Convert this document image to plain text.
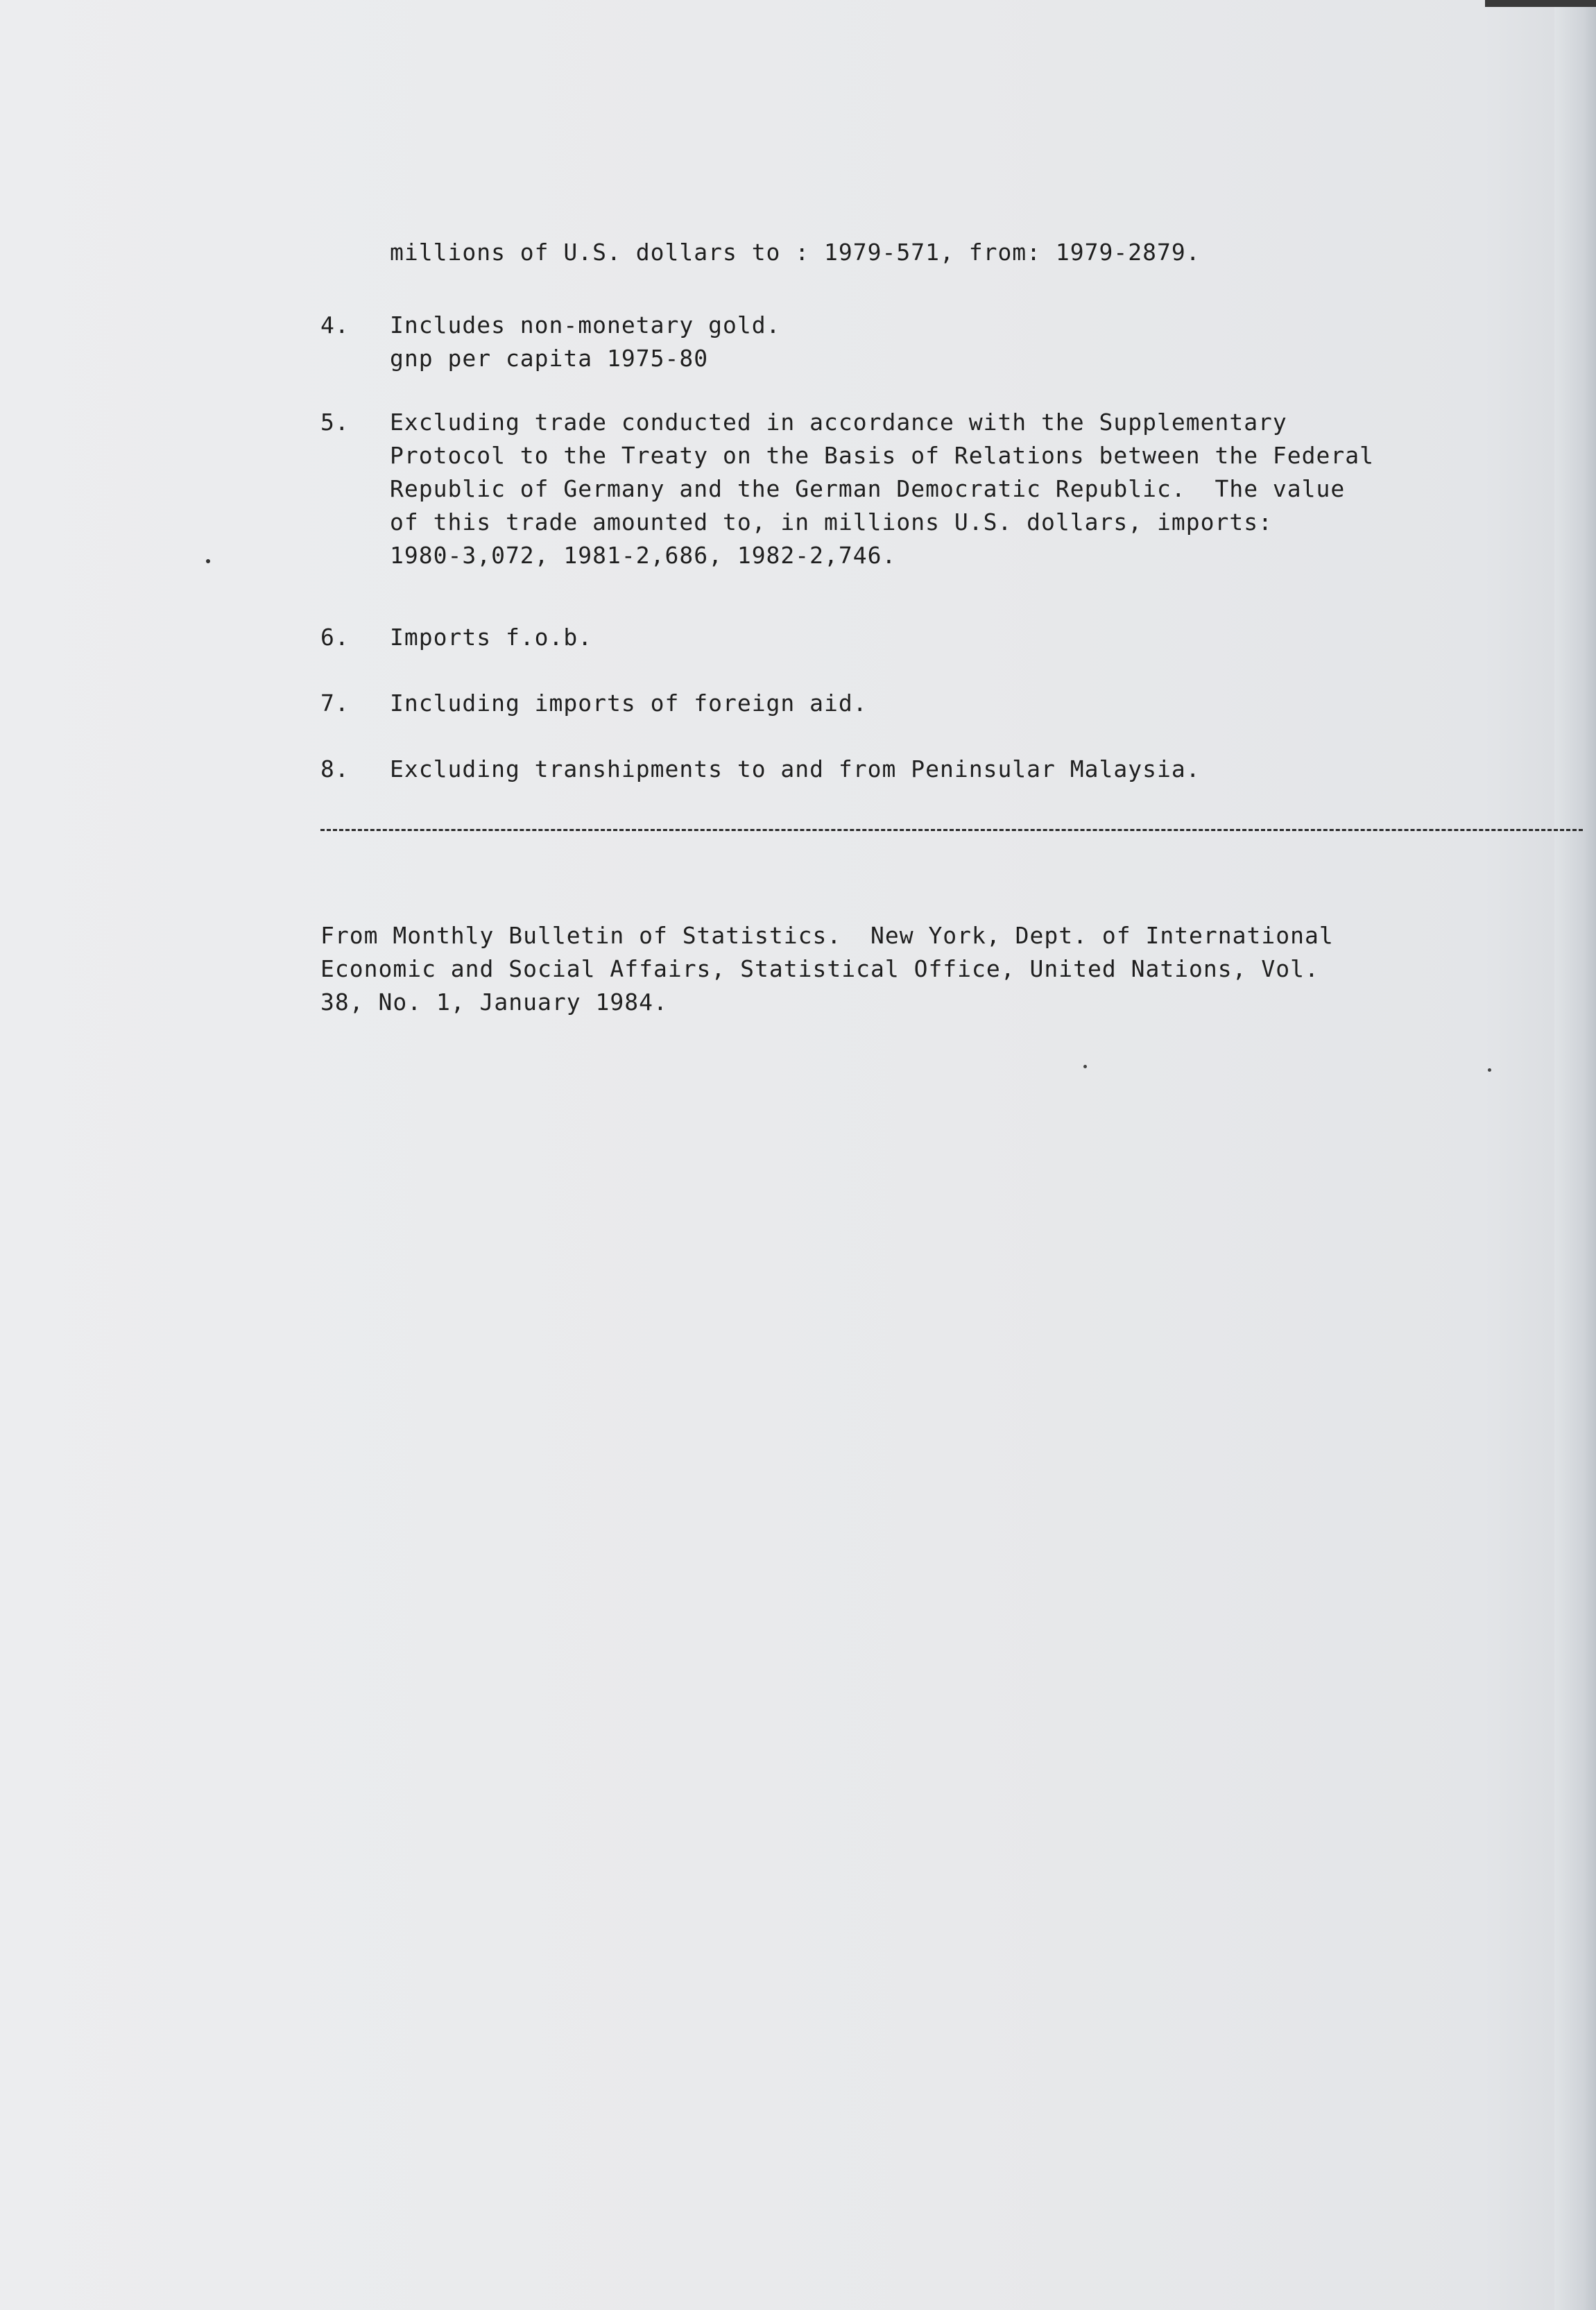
millions of U.S. dollars to : 1979-571, from: 1979-2879.
4.	Includes non-monetary gold.
gnp per capita 1975-80
5.	Excluding trade conducted in accordance with the Supplementary
Protocol to the Treaty on the Basis of Relations between the Federal
Republic of Germany and the German Democratic Republic.  The value
of this trade amounted to, in millions U.S. dollars, imports:
1980-3,072, 1981-2,686, 1982-2,746.
6.	Imports f.o.b.
7.	Including imports of foreign aid.
8.	Excluding transhipments to and from Peninsular Malaysia.
From Monthly Bulletin of Statistics.  New York, Dept. of International
Economic and Social Affairs, Statistical Office, United Nations, Vol.
38, No. 1, January 1984.
